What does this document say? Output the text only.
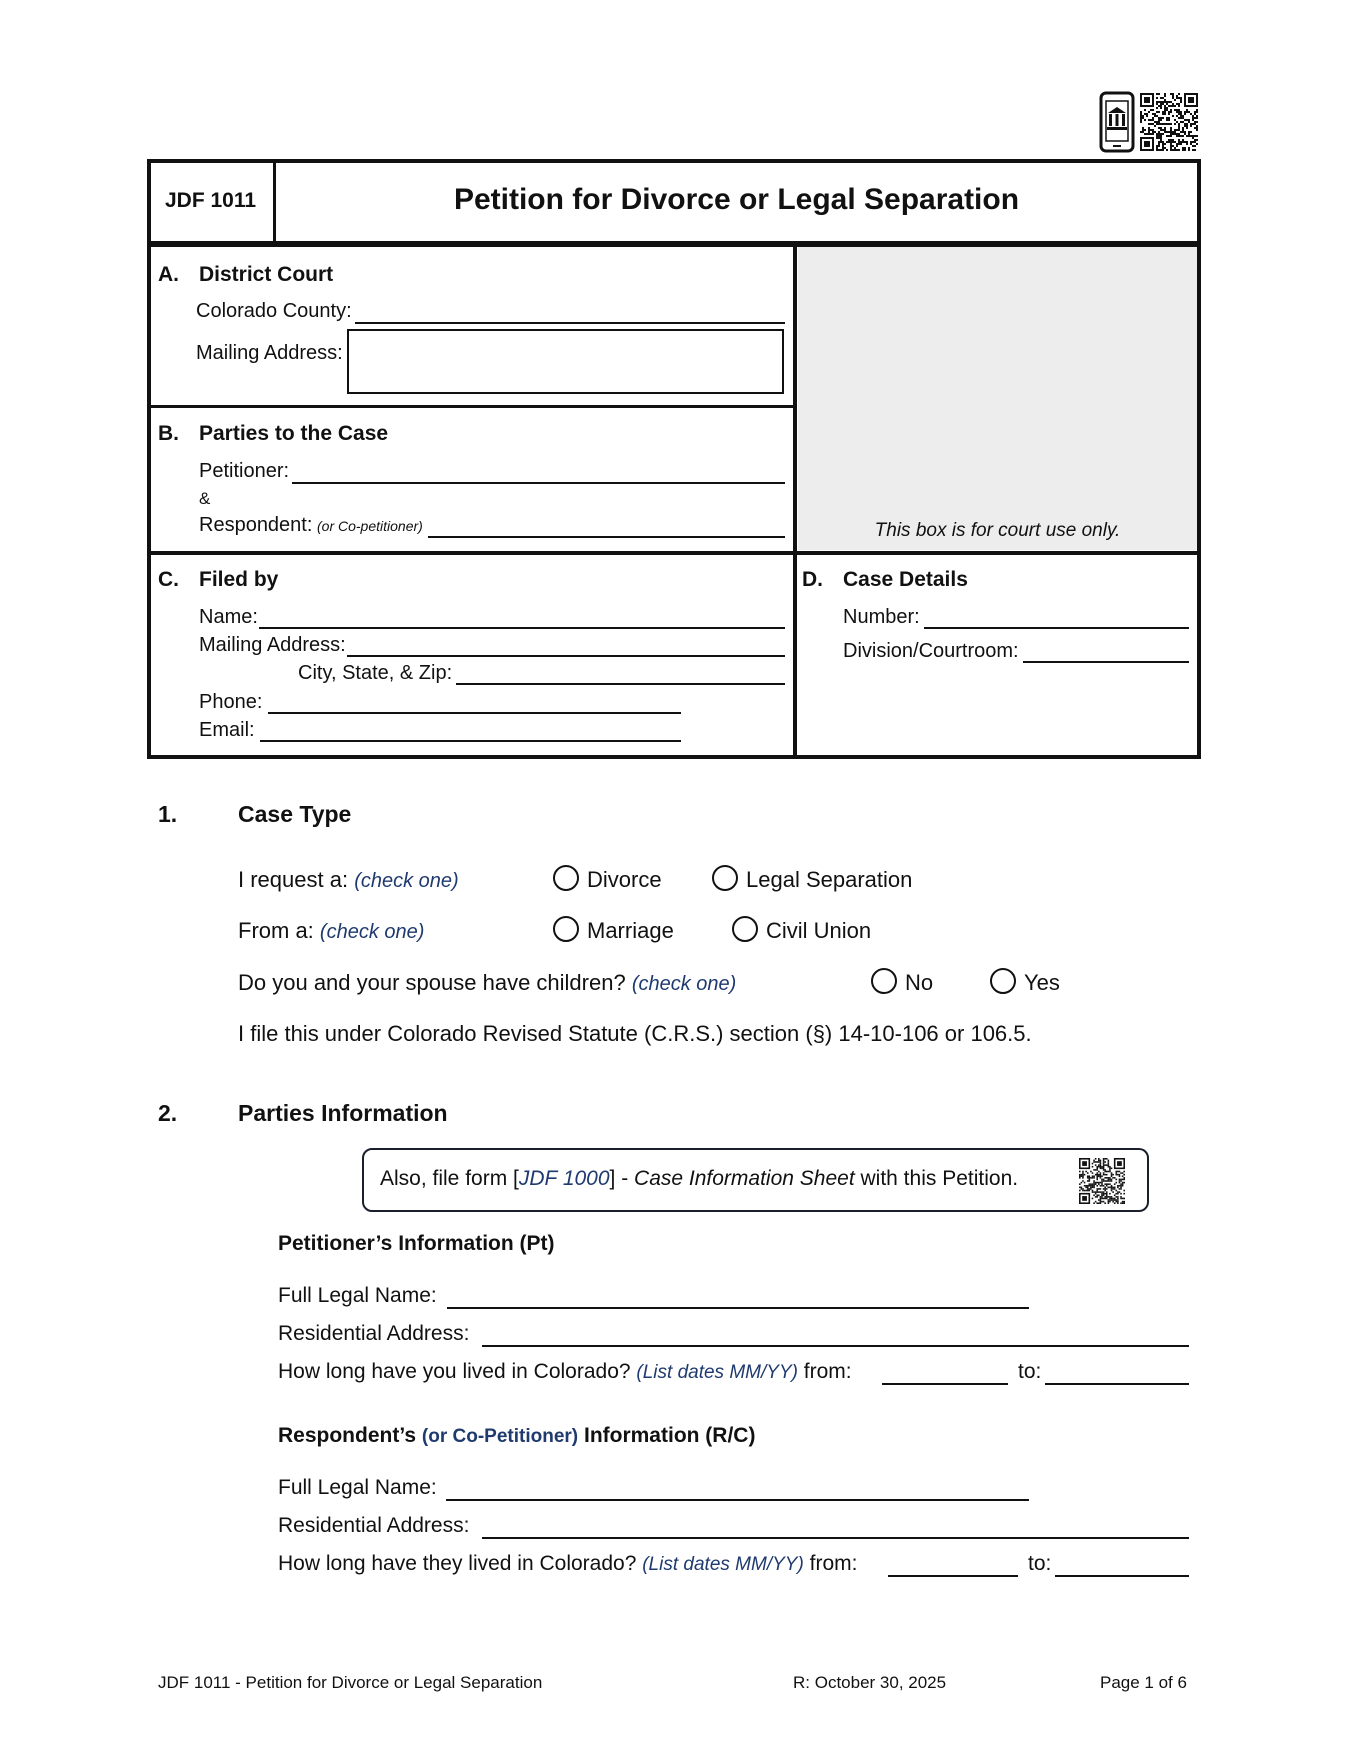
JDF 1011	Petition for Divorce or Legal Separation
This box is for court use only.
A. District Court
Colorado County:
Mailing Address:
B. Parties to the Case
Petitioner:
&
Respondent: (or Co-petitioner)
C. Filed by
Name:
Mailing Address:
City, State, & Zip:
Phone:
Email:
D. Case Details
Number:
Division/Courtroom:
1.	Case Type
I request a: (check one)	Divorce	Legal Separation
From a: (check one)	Marriage	Civil Union
Do you and your spouse have children? (check one)	No	Yes
I file this under Colorado Revised Statute (C.R.S.) section (§) 14-10-106 or 106.5.
2.	Parties Information
Also, file form [JDF 1000] - Case Information Sheet with this Petition.
Petitioner’s Information (Pt)
Full Legal Name:
Residential Address:
How long have you lived in Colorado? (List dates MM/YY) from:	to:
Respondent’s (or Co-Petitioner) Information (R/C)
Full Legal Name:
Residential Address:
How long have they lived in Colorado? (List dates MM/YY) from:	to:
JDF 1011 - Petition for Divorce or Legal Separation	R: October 30, 2025	Page 1 of 6
